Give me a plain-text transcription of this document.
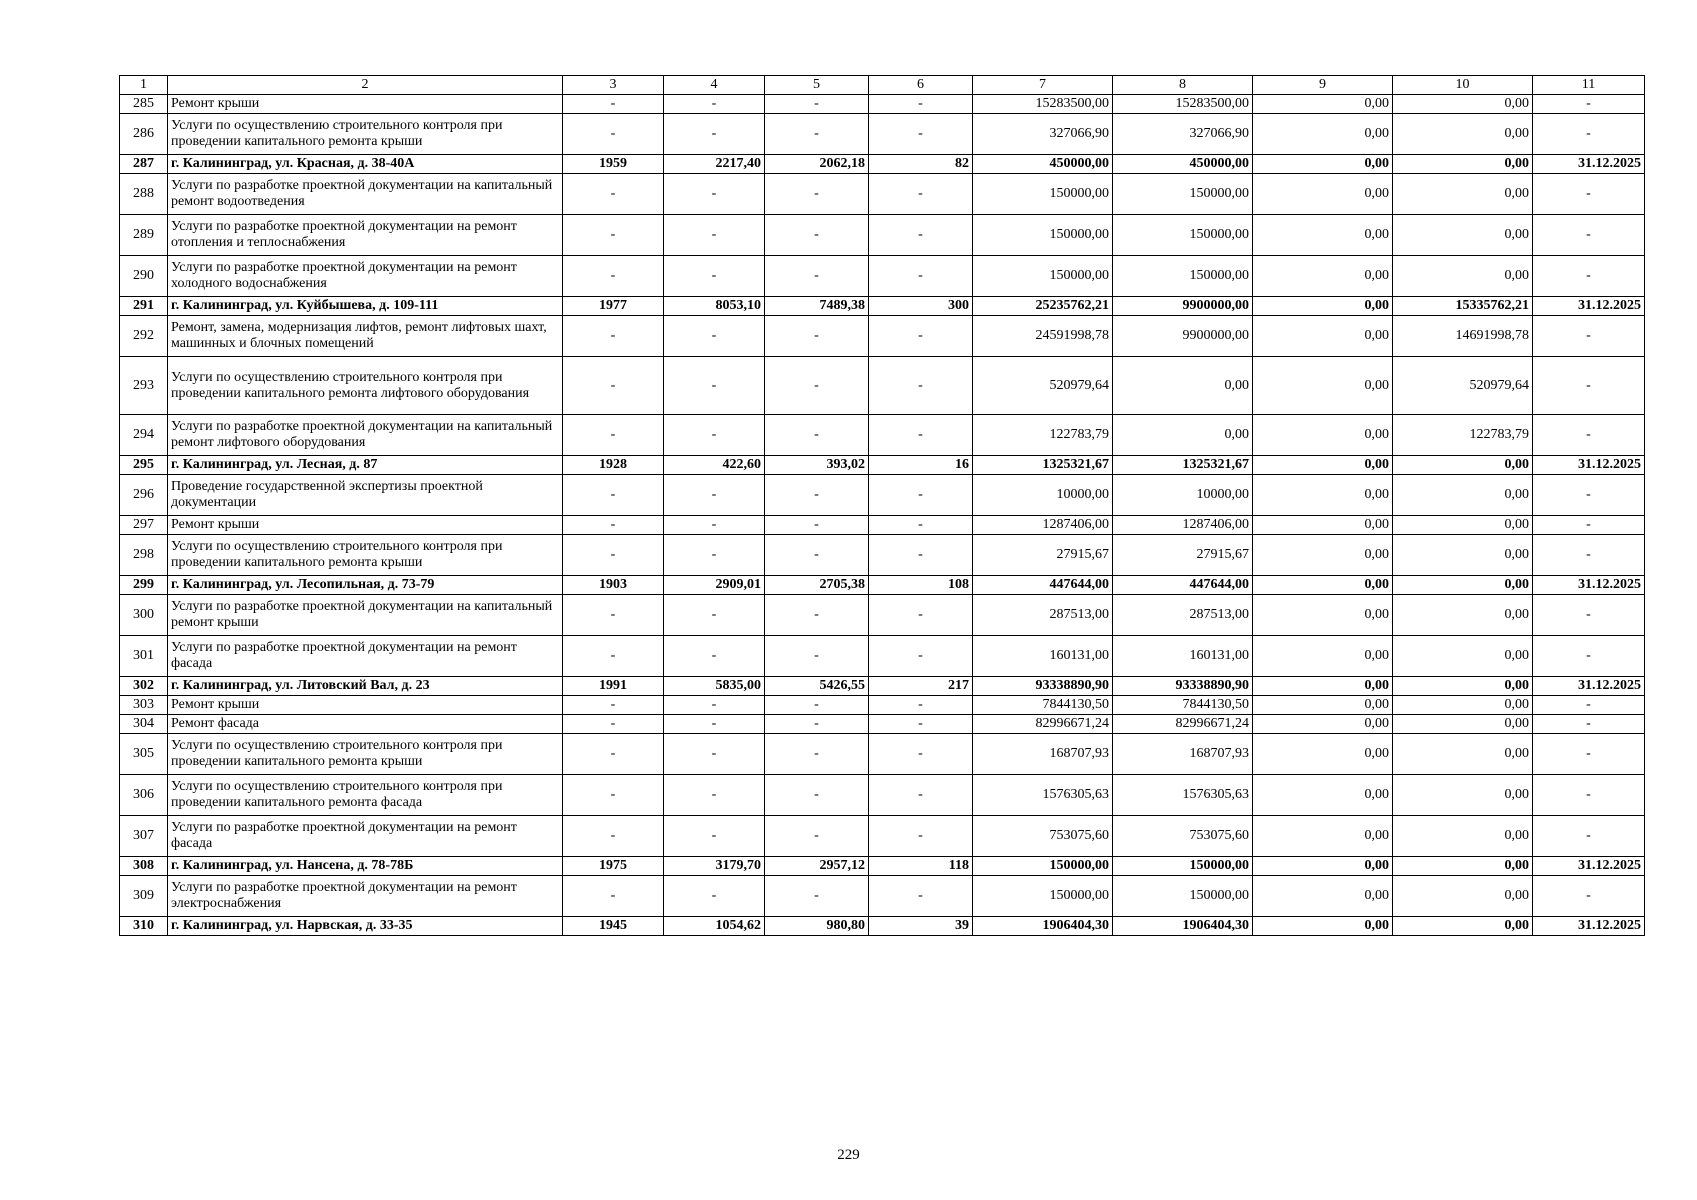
1	2	3	4	5	6	7	8	9	10	11
285	Ремонт крыши	-	-	-	-	15283500,00	15283500,00	0,00	0,00	-
286	Услуги по осуществлению строительного контроля при проведении капитального ремонта крыши	-	-	-	-	327066,90	327066,90	0,00	0,00	-
287	г. Калининград, ул. Красная, д. 38-40А	1959	2217,40	2062,18	82	450000,00	450000,00	0,00	0,00	31.12.2025
288	Услуги по разработке проектной документации на капитальный ремонт водоотведения	-	-	-	-	150000,00	150000,00	0,00	0,00	-
289	Услуги по разработке проектной документации на ремонт отопления и теплоснабжения	-	-	-	-	150000,00	150000,00	0,00	0,00	-
290	Услуги по разработке проектной документации на ремонт холодного водоснабжения	-	-	-	-	150000,00	150000,00	0,00	0,00	-
291	г. Калининград, ул. Куйбышева, д. 109-111	1977	8053,10	7489,38	300	25235762,21	9900000,00	0,00	15335762,21	31.12.2025
292	Ремонт, замена, модернизация лифтов, ремонт лифтовых шахт, машинных и блочных помещений	-	-	-	-	24591998,78	9900000,00	0,00	14691998,78	-
293	Услуги по осуществлению строительного контроля при проведении капитального ремонта лифтового оборудования	-	-	-	-	520979,64	0,00	0,00	520979,64	-
294	Услуги по разработке проектной документации на капитальный ремонт лифтового оборудования	-	-	-	-	122783,79	0,00	0,00	122783,79	-
295	г. Калининград, ул. Лесная, д. 87	1928	422,60	393,02	16	1325321,67	1325321,67	0,00	0,00	31.12.2025
296	Проведение государственной экспертизы проектной документации	-	-	-	-	10000,00	10000,00	0,00	0,00	-
297	Ремонт крыши	-	-	-	-	1287406,00	1287406,00	0,00	0,00	-
298	Услуги по осуществлению строительного контроля при проведении капитального ремонта крыши	-	-	-	-	27915,67	27915,67	0,00	0,00	-
299	г. Калининград, ул. Лесопильная, д. 73-79	1903	2909,01	2705,38	108	447644,00	447644,00	0,00	0,00	31.12.2025
300	Услуги по разработке проектной документации на капитальный ремонт крыши	-	-	-	-	287513,00	287513,00	0,00	0,00	-
301	Услуги по разработке проектной документации на ремонт фасада	-	-	-	-	160131,00	160131,00	0,00	0,00	-
302	г. Калининград, ул. Литовский Вал, д. 23	1991	5835,00	5426,55	217	93338890,90	93338890,90	0,00	0,00	31.12.2025
303	Ремонт крыши	-	-	-	-	7844130,50	7844130,50	0,00	0,00	-
304	Ремонт фасада	-	-	-	-	82996671,24	82996671,24	0,00	0,00	-
305	Услуги по осуществлению строительного контроля при проведении капитального ремонта крыши	-	-	-	-	168707,93	168707,93	0,00	0,00	-
306	Услуги по осуществлению строительного контроля при проведении капитального ремонта фасада	-	-	-	-	1576305,63	1576305,63	0,00	0,00	-
307	Услуги по разработке проектной документации на ремонт фасада	-	-	-	-	753075,60	753075,60	0,00	0,00	-
308	г. Калининград, ул. Нансена, д. 78-78Б	1975	3179,70	2957,12	118	150000,00	150000,00	0,00	0,00	31.12.2025
309	Услуги по разработке проектной документации на ремонт электроснабжения	-	-	-	-	150000,00	150000,00	0,00	0,00	-
310	г. Калининград, ул. Нарвская, д. 33-35	1945	1054,62	980,80	39	1906404,30	1906404,30	0,00	0,00	31.12.2025
229
